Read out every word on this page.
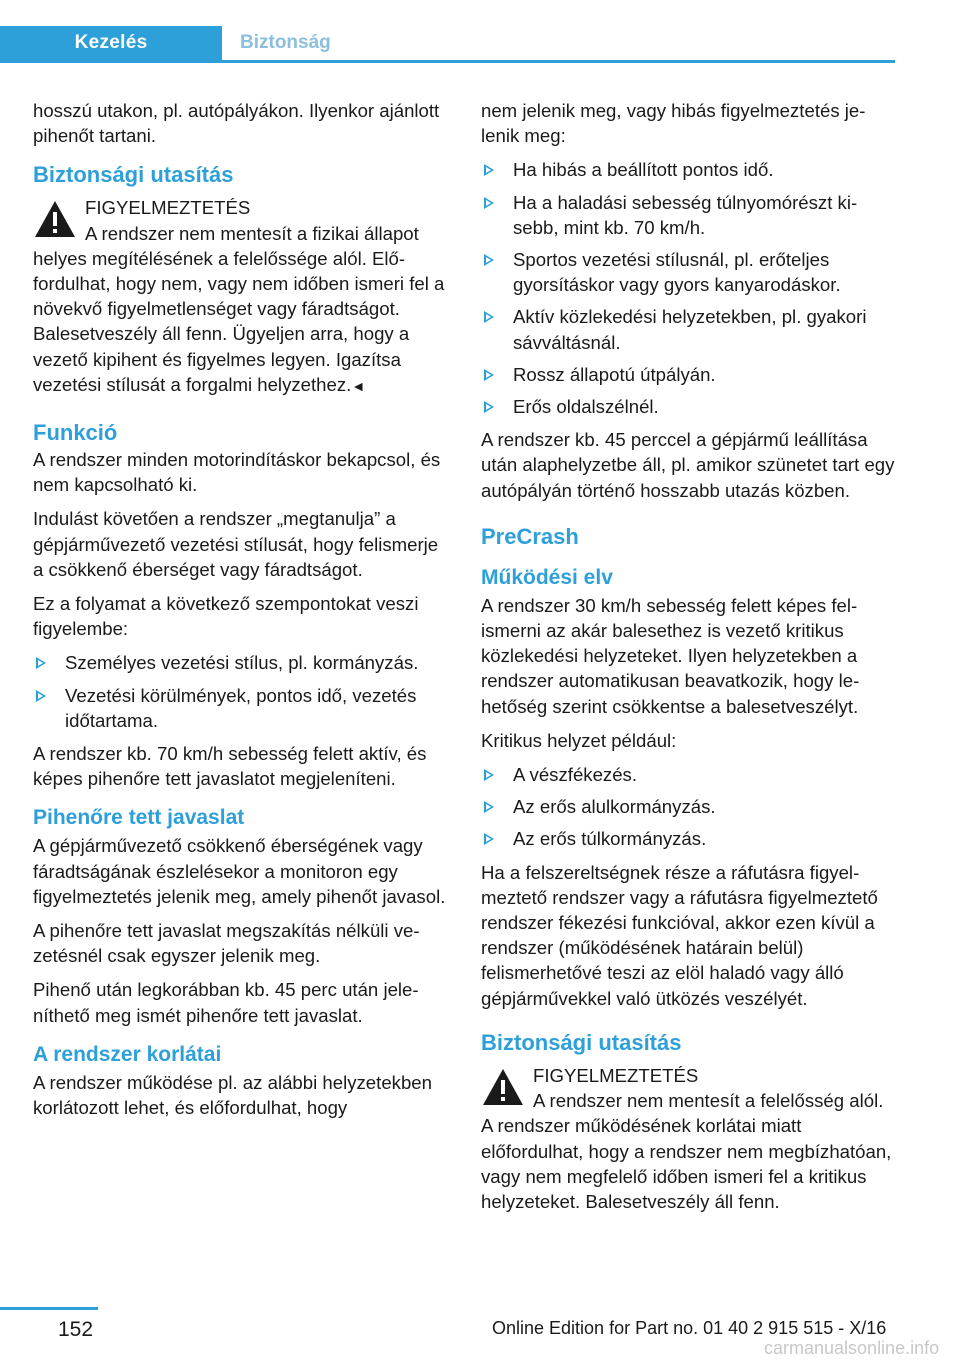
Kezelés	Biztonság

hosszú utakon, pl. autópályákon. Ilyenkor ajánlott pihenőt tartani.

Biztonsági utasítás
FIGYELMEZTETÉS
A rendszer nem mentesít a fizikai állapot helyes megítélésének a felelőssége alól. Előfordulhat, hogy nem, vagy nem időben ismeri fel a növekvő figyelmetlenséget vagy fáradtságot. Balesetveszély áll fenn. Ügyeljen arra, hogy a vezető kipihent és figyelmes legyen. Igazítsa vezetési stílusát a forgalmi helyzethez.◄
Funkció

A rendszer minden motorindításkor bekapcsol, és nem kapcsolható ki.

Indulást követően a rendszer „megtanulja” a gépjárművezető vezetési stílusát, hogy felismerje a csökkenő éberséget vagy fáradtságot.

Ez a folyamat a következő szempontokat veszi figyelembe:

Személyes vezetési stílus, pl. kormányzás.
Vezetési körülmények, pontos idő, vezetés időtartama.

A rendszer kb. 70 km/h sebesség felett aktív, és képes pihenőre tett javaslatot megjeleníteni.

Pihenőre tett javaslat

A gépjárművezető csökkenő éberségének vagy fáradtságának észlelésekor a monitoron egy figyelmeztetés jelenik meg, amely pihenőt javasol.

A pihenőre tett javaslat megszakítás nélküli vezetésnél csak egyszer jelenik meg.

Pihenő után legkorábban kb. 45 perc után jeleníthető meg ismét pihenőre tett javaslat.

A rendszer korlátai

A rendszer működése pl. az alábbi helyzetekben korlátozott lehet, és előfordulhat, hogy

nem jelenik meg, vagy hibás figyelmeztetés jelenik meg:

Ha hibás a beállított pontos idő.
Ha a haladási sebesség túlnyomórészt kisebb, mint kb. 70 km/h.
Sportos vezetési stílusnál, pl. erőteljes gyorsításkor vagy gyors kanyarodáskor.
Aktív közlekedési helyzetekben, pl. gyakori sávváltásnál.
Rossz állapotú útpályán.
Erős oldalszélnél.

A rendszer kb. 45 perccel a gépjármű leállítása után alaphelyzetbe áll, pl. amikor szünetet tart egy autópályán történő hosszabb utazás közben.

PreCrash
Működési elv

A rendszer 30 km/h sebesség felett képes felismerni az akár balesethez is vezető kritikus közlekedési helyzeteket. Ilyen helyzetekben a rendszer automatikusan beavatkozik, hogy lehetőség szerint csökkentse a balesetveszélyt.

Kritikus helyzet például:

A vészfékezés.
Az erős alulkormányzás.
Az erős túlkormányzás.

Ha a felszereltségnek része a ráfutásra figyelmeztető rendszer vagy a ráfutásra figyelmeztető rendszer fékezési funkcióval, akkor ezen kívül a rendszer (működésének határain belül) felismerhetővé teszi az elöl haladó vagy álló gépjárművekkel való ütközés veszélyét.

Biztonsági utasítás
FIGYELMEZTETÉS
A rendszer nem mentesít a felelősség alól. A rendszer működésének korlátai miatt előfordulhat, hogy a rendszer nem megbízhatóan, vagy nem megfelelő időben ismeri fel a kritikus helyzeteket. Balesetveszély áll fenn.
152	Online Edition for Part no. 01 40 2 915 515 - X/16
carmanualsonline.info
